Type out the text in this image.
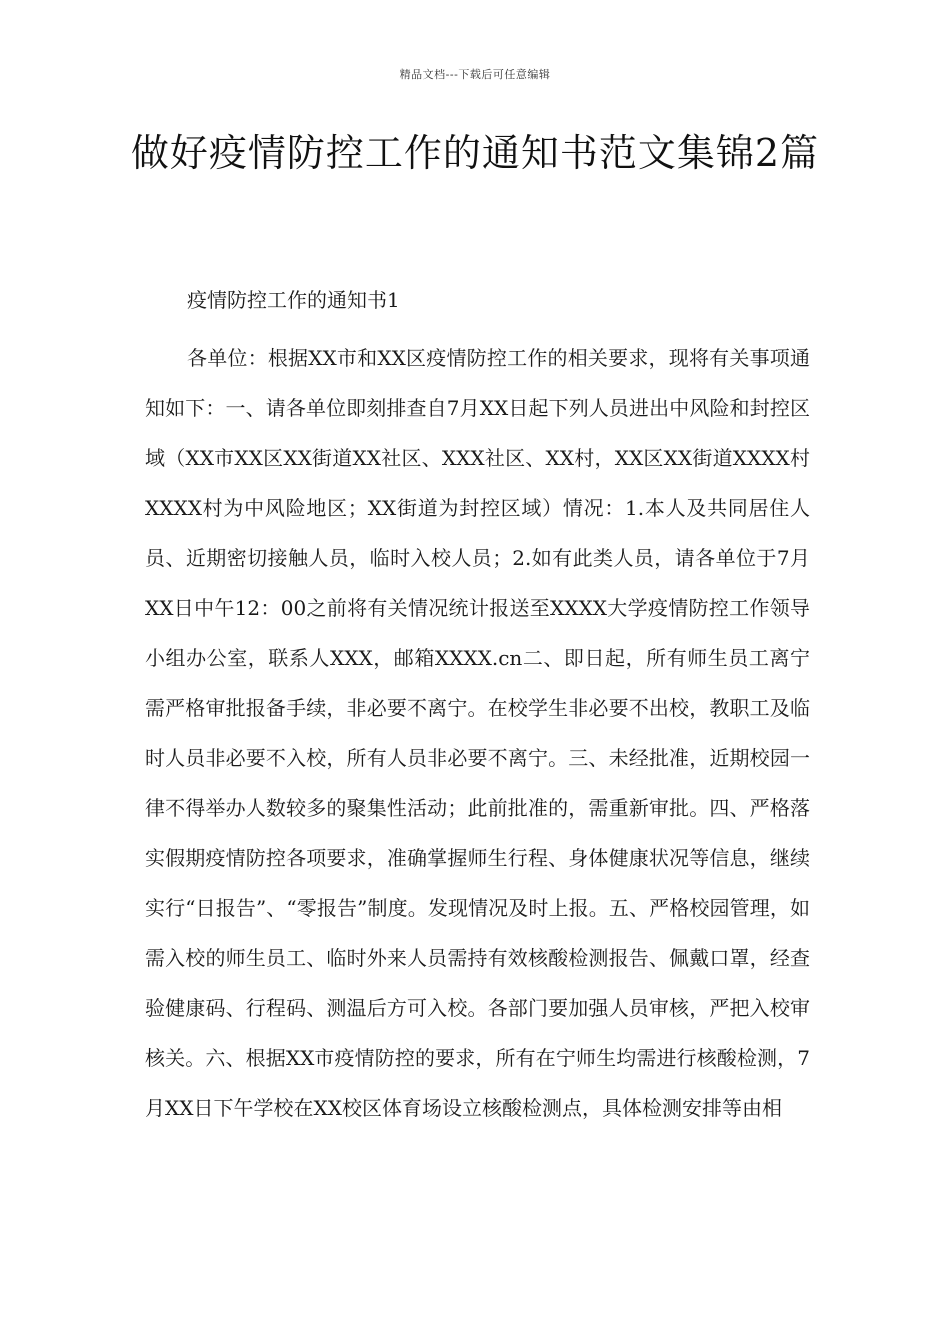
精品文档---下载后可任意编辑
做好疫情防控工作的通知书范文集锦2篇

疫情防控工作的通知书1

各单位：根据XX市和XX区疫情防控工作的相关要求，现将有关事项通知如下：一、请各单位即刻排查自7月XX日起下列人员进出中风险和封控区域（XX市XX区XX街道XX社区、XXX社区、XX村，XX区XX街道XXXX村XXXX村为中风险地区；XX街道为封控区域）情况：1.本人及共同居住人员、近期密切接触人员，临时入校人员；2.如有此类人员，请各单位于7月XX日中午12：00之前将有关情况统计报送至XXXX大学疫情防控工作领导小组办公室，联系人XXX，邮箱XXXX.cn二、即日起，所有师生员工离宁需严格审批报备手续，非必要不离宁。在校学生非必要不出校，教职工及临时人员非必要不入校，所有人员非必要不离宁。三、未经批准，近期校园一律不得举办人数较多的聚集性活动；此前批准的，需重新审批。四、严格落实假期疫情防控各项要求，准确掌握师生行程、身体健康状况等信息，继续实行“日报告”、“零报告”制度。发现情况及时上报。五、严格校园管理，如需入校的师生员工、临时外来人员需持有效核酸检测报告、佩戴口罩，经查验健康码、行程码、测温后方可入校。各部门要加强人员审核，严把入校审核关。六、根据XX市疫情防控的要求，所有在宁师生均需进行核酸检测，7月XX日下午学校在XX校区体育场设立核酸检测点，具体检测安排等由相
